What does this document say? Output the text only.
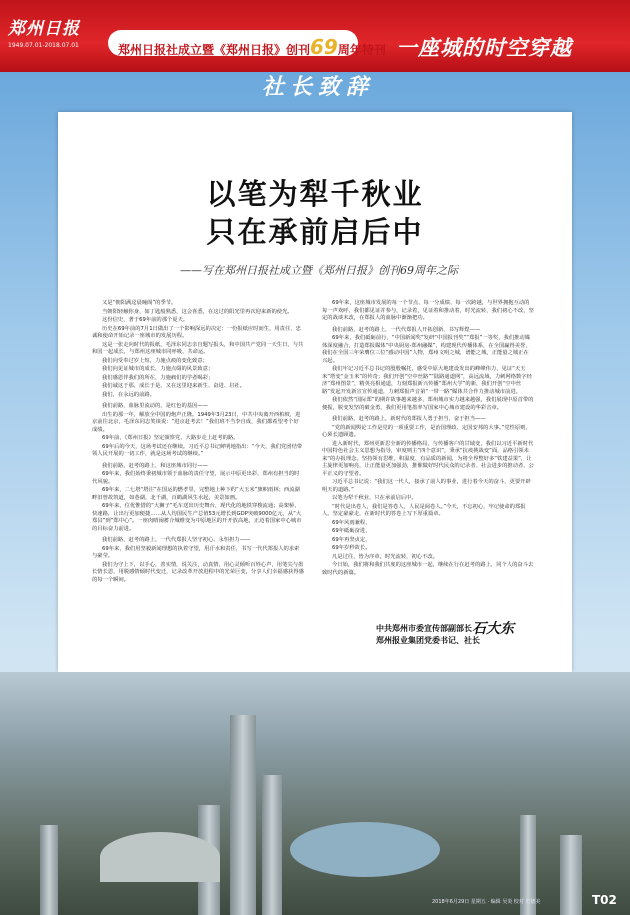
郑州日报
1949.07.01-2018.07.01	郑州日报社成立暨《郑州日报》创刊69周年特刊 一座城的时空穿越
社长致辞
以笔为犁千秋业
只在承前启后中
——写在郑州日报社成立暨《郑州日报》创刊69周年之际

又是“朝阳满迳晨瞳阁”的季节。

当朝阳轻触你身，如丁匙般熟悉，这会喜悉，在这过的阳光里再次迎来新的使光。

这份信史，著于69年前的那个夏天。

历史在69年前的7月1日做出了一个影响深远的决定：一份报纸应时而生，用责任、忠诚和使命开始记录一座城市的发展历程。

这是一张走向时代的报纸，毛泽东同志亲自题写报头，和中国共产党同一天生日，与共和国一起成长，与郑州这座城市同呼吸、共命运。

我们向受奉过岁上短，力施点痕的变化致意；

我们向见证城市的成长，力施点缀的风景致意；

我们感恩伴我们的所在，力施痛们的学者喝彩；

我们诚这于那，成长于是，又在这里迎来新生、奋进、启社。

我们，在永远的前路。

我们前路，血脉里流动的，是红色的基因——

出生的那一年，解放全中国的炮声正隆。1949年3月23日，中共中央离开西柏坡，进京前往北京，毛泽东同志笑谈说：“进京赶考去！”我们班不当李自成，我们都希望考个好成绩。

69年前，《郑州日报》坚定颁察党、大路步走上赶考的路。

69年后的今天，这场考试还在继续。习近平总书记鲜明地指出：“今天，我们党团结带领人民开展的一切工作，就是这场考试的继续。”

我们前路，赶考的路上，和这座城市同行——

69年来，我们始终秉初城市领于血脉的责任守望，展示中原更出彩、郑州有担当的时代风貌。

69年来，二七塔“塔注”在国运的燃孝里，完整地上种下约“大玉米”旗帜雨林；西流湖畔旧曾故筑道，如巷湖，北千湖，百鹤湖风生水起，美景如画。

69年来，位优惟惜的“大狮子”毛车送出历史舞台，现代化的地铁穿梭流通；高架桥、快速路，让出行更加便捷……从人均国民生产总值53元增长到GDP突破9000亿元，从“大郑县”到“郑中心”。一座肉晴闹蓄介城维变为中原地区的开开放高地，正迈着国家中心城市的目标奋力前进。

我们前路，赶考的路上，一代代郑报人坚守初心、永恒担力——

69年来，我们用坚毅新闻理想的执着守望，用汗水和责任，书写一代代郑报人的求索与豪莹。

我们为守上下，以手心，善实情，说关注，动真情，用心灵倾听百姓心声，用笔尖与墨长情长恩，用脱感情倾时代变迁，记录改革开放进程中的光荣巨变，分享人们幸福感获得感的每一个瞬间。

69年来，这座城市发展的每一个节点、每一分成绩、每一次跨越，与世界拥抱互动的每一声欢呼，我们都见证并参与，记录着，见证着和推动着，时光流转，我们初心不改，坚定的战谈末改，在郑报人的血脉中渐渐把功。

我们前路，赶考的路上，一代代郑报人开拓创新、书写辉煌——

69年来，我们砥砺前行，“中国新闻奖”发研“中国报刊奖”“郑报”一等奖，我们推动媒体深度融合，打造郑报媒体“中央厨房-郑州融媒”，构建现代传播体系，在全国赢得美誉，我们在全国三年荣膺位三位“感动中国”人物，郑州文明之城，谱能之城，正能量之城正在兴起。

我们牢记习近平总书记的殷殷嘱托，感受中原大地建设发出的峰峰伟力，见证“天玉米”塔变“金玉米”的传奇；我们开创“空中丝路”“陆路通道网”，高远流域，力刺网络数字经济“郑州图景”，精英亮相通道，力刻郑报新兴传播“郑州大学”的新，我们开创“空中丝路”发起开发新宣宣传通道，力刺郑报声音第“一带一路”媒体共合作力推动城市前进。

我们依然“国际郑”的期许故事越来越多，郑州城市实力越来越强，我们展现中原首带的便振，脱变发坚的破金勇，我们更用笔墨率写国家中心城市建设的华彩音章。

我们前路，赶考的路上，新时代的郑报人勇于担当，奋于担当——

“党的新闻舆论工作是党的一项重要工作，是治国理政、定国安邦的大事。”党性原则，心须长遗顾遗。

进入新时代，郑州更新思全新的传播格局，与传播客户的甘域变，我们以习近平新时代中国特色社会主义思想为指导，审度则主“四个意识”，秉承“抗疫挑战变”面，品格引领未来“的办报理念，坚持领有思维，积温度、有品质的新闻，为将全界整好多“铁建益果”，让主旋律更加响亮，让正能量更加强劲，推催做好时代民众的记录者、社会进步的推动者、公平正义的守望者。

习近平总书记说：“我们这一代人，接承了前人的事业，进行着今天的奋斗，更要开辟明天的道路。”

以笔为犁千秋业，只在承前启后中。

“时代是出卷人，我们是答卷人，人民是阅卷人。”今天，不忘初心，牢记使命的郑报人，坚定豪豪走，在新时代的答卷上写下厚重篇章。

69年风雨兼程，

69年砥砺奋进，

69年再坚贞定，

69年岁秒故长。

凡是过往，皆为序章。时光流转，初心不改。

今日始，我们将和我们共度的这座城市一起，继续在行在赶考的路上，同个人的奋斗去致时代的新篇。

中共郑州市委宣传部副部长
郑州报业集团党委书记、社长
石大东
2018年6月29日 星期五 · 编辑 吴炎 校对 史德美	T02
